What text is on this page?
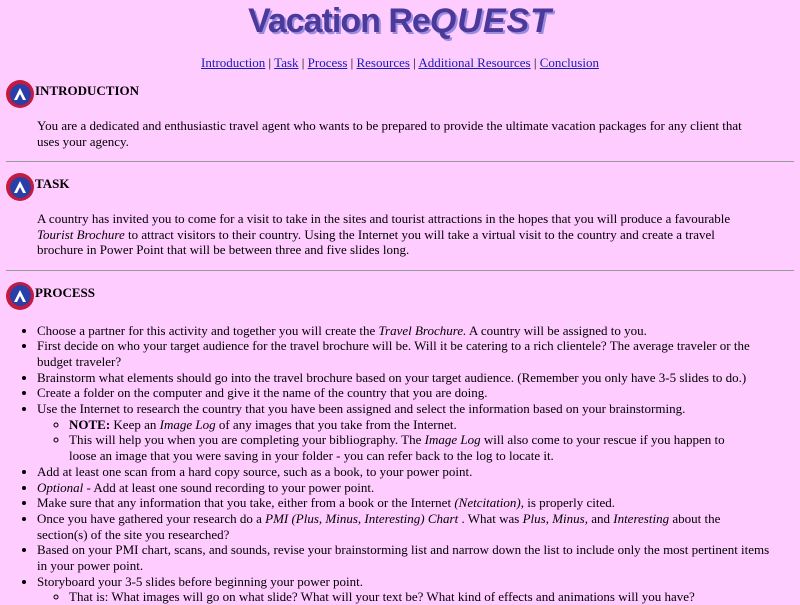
Vacation ReQUEST
Introduction | Task | Process | Resources | Additional Resources | Conclusion
INTRODUCTION

You are a dedicated and enthusiastic travel agent who wants to be prepared to provide the ultimate vacation packages for any client that uses your agency.

TASK

A country has invited you to come for a visit to take in the sites and tourist attractions in the hopes that you will produce a favourable Tourist Brochure to attract visitors to their country. Using the Internet you will take a virtual visit to the country and create a travel brochure in Power Point that will be between three and five slides long.

PROCESS
• Choose a partner for this activity and together you will create the Travel Brochure. A country will be assigned to you.
• First decide on who your target audience for the travel brochure will be. Will it be catering to a rich clientele? The average traveler or the budget traveler?
• Brainstorm what elements should go into the travel brochure based on your target audience. (Remember you only have 3-5 slides to do.)
• Create a folder on the computer and give it the name of the country that you are doing.
• Use the Internet to research the country that you have been assigned and select the information based on your brainstorming.
◦ NOTE: Keep an Image Log of any images that you take from the Internet.
◦ This will help you when you are completing your bibliography. The Image Log will also come to your rescue if you happen to loose an image that you were saving in your folder - you can refer back to the log to locate it.
• Add at least one scan from a hard copy source, such as a book, to your power point.
• Optional - Add at least one sound recording to your power point.
• Make sure that any information that you take, either from a book or the Internet (Netcitation), is properly cited.
• Once you have gathered your research do a PMI (Plus, Minus, Interesting) Chart . What was Plus, Minus, and Interesting about the section(s) of the site you researched?
• Based on your PMI chart, scans, and sounds, revise your brainstorming list and narrow down the list to include only the most pertinent items in your power point.
• Storyboard your 3-5 slides before beginning your power point.
◦ That is: What images will go on what slide? What will your text be? What kind of effects and animations will you have?
